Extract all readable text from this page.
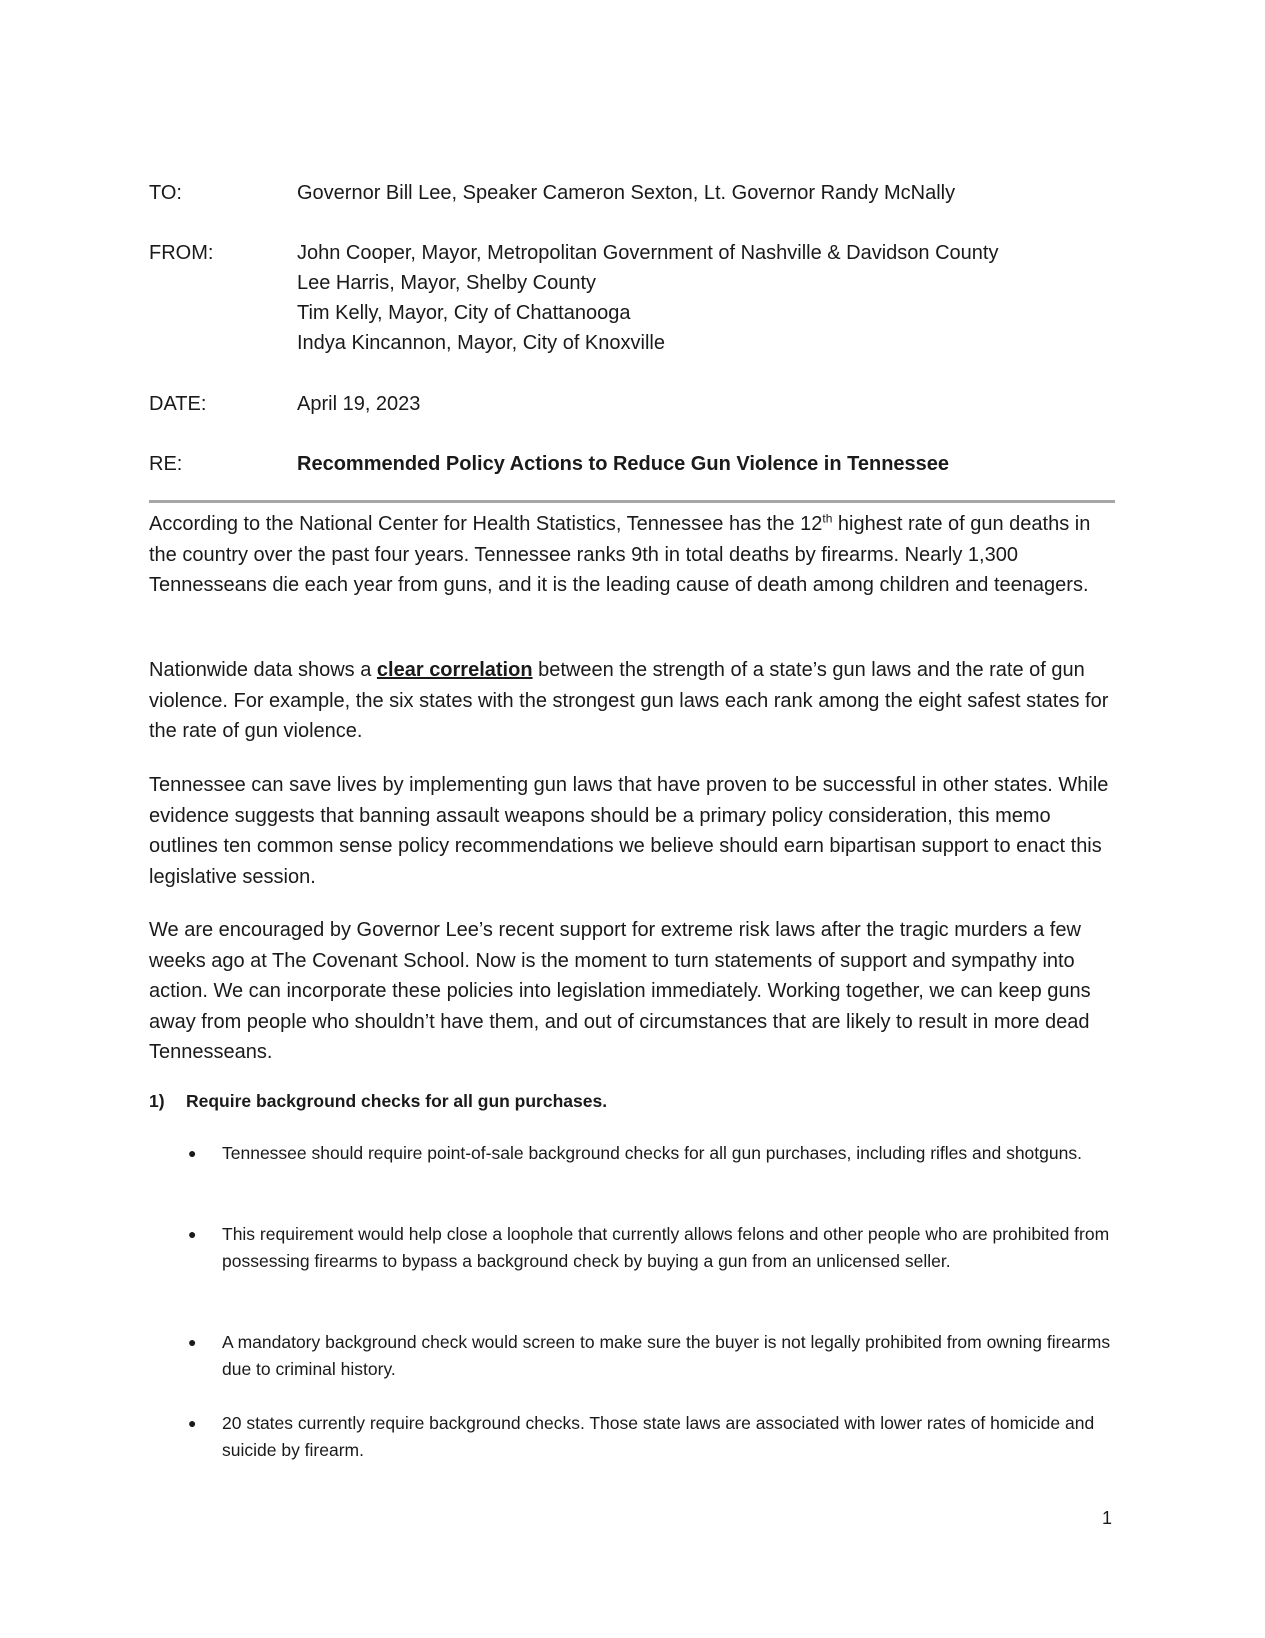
TO:	Governor Bill Lee, Speaker Cameron Sexton, Lt. Governor Randy McNally
FROM:	John Cooper, Mayor, Metropolitan Government of Nashville & Davidson County
Lee Harris, Mayor, Shelby County
Tim Kelly, Mayor, City of Chattanooga
Indya Kincannon, Mayor, City of Knoxville
DATE:	April 19, 2023
RE:	Recommended Policy Actions to Reduce Gun Violence in Tennessee

According to the National Center for Health Statistics, Tennessee has the 12th highest rate of gun deaths in the country over the past four years. Tennessee ranks 9th in total deaths by firearms. Nearly 1,300 Tennesseans die each year from guns, and it is the leading cause of death among children and teenagers.

Nationwide data shows a clear correlation between the strength of a state’s gun laws and the rate of gun violence. For example, the six states with the strongest gun laws each rank among the eight safest states for the rate of gun violence.

Tennessee can save lives by implementing gun laws that have proven to be successful in other states. While evidence suggests that banning assault weapons should be a primary policy consideration, this memo outlines ten common sense policy recommendations we believe should earn bipartisan support to enact this legislative session.

We are encouraged by Governor Lee’s recent support for extreme risk laws after the tragic murders a few weeks ago at The Covenant School. Now is the moment to turn statements of support and sympathy into action. We can incorporate these policies into legislation immediately. Working together, we can keep guns away from people who shouldn’t have them, and out of circumstances that are likely to result in more dead Tennesseans.

1) Require background checks for all gun purchases.
● Tennessee should require point-of-sale background checks for all gun purchases, including rifles and shotguns.
● This requirement would help close a loophole that currently allows felons and other people who are prohibited from possessing firearms to bypass a background check by buying a gun from an unlicensed seller.
● A mandatory background check would screen to make sure the buyer is not legally prohibited from owning firearms due to criminal history.
● 20 states currently require background checks. Those state laws are associated with lower rates of homicide and suicide by firearm.
1
